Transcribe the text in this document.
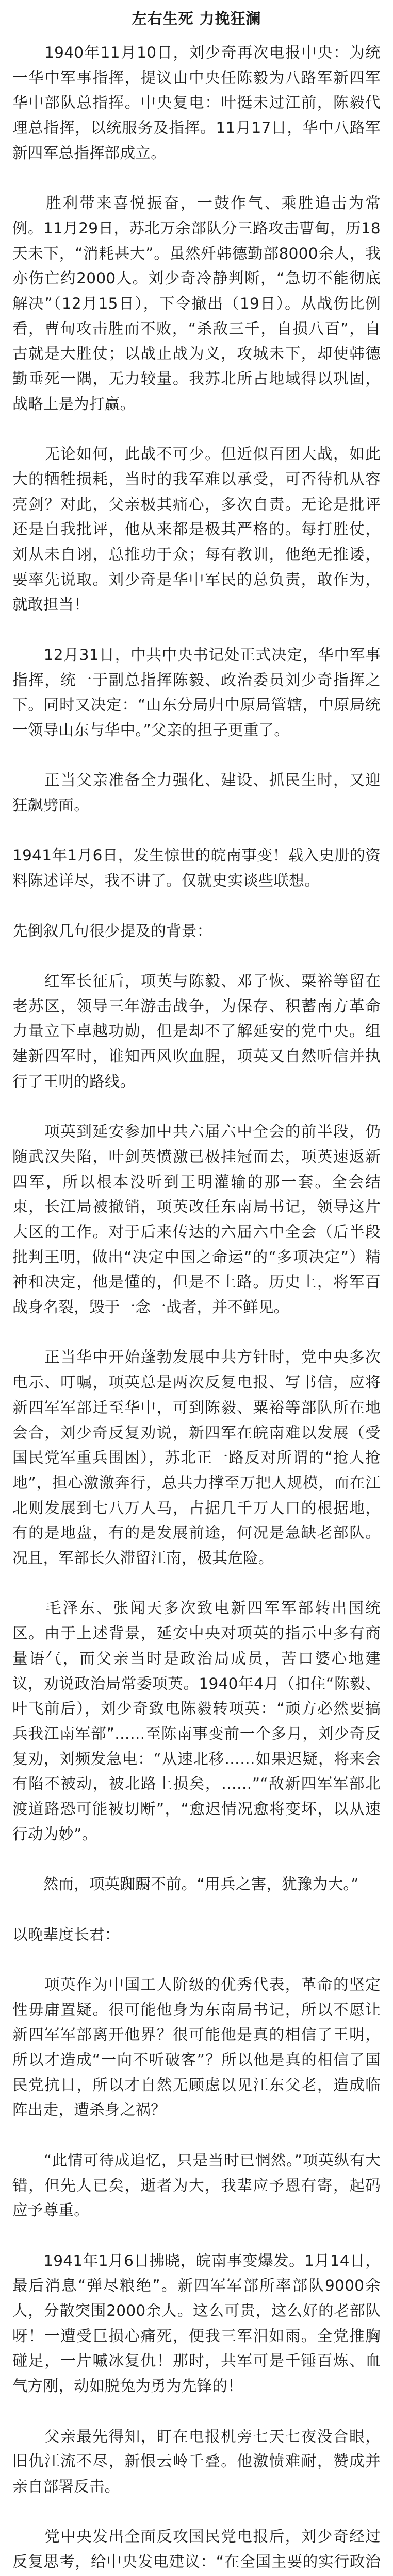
左右生死 力挽狂澜

　　1940年11月10日，刘少奇再次电报中央：为统一华中军事指挥，提议由中央任陈毅为八路军新四军华中部队总指挥。中央复电：叶挺未过江前，陈毅代理总指挥，以统服务及指挥。11月17日，华中八路军新四军总指挥部成立。

　　胜利带来喜悦振奋，一鼓作气、乘胜追击为常例。11月29日，苏北万余部队分三路攻击曹甸，历18天未下，“消耗甚大”。虽然歼韩德勤部8000余人，我亦伤亡约2000人。刘少奇冷静判断，“急切不能彻底解决”（12月15日），下令撤出（19日）。从战伤比例看，曹甸攻击胜而不败，“杀敌三千，自损八百”，自古就是大胜仗；以战止战为义，攻城未下，却使韩德勤垂死一隅，无力较量。我苏北所占地域得以巩固，战略上是为打赢。

　　无论如何，此战不可少。但近似百团大战，如此大的牺牲损耗，当时的我军难以承受，可否待机从容亮剑？对此，父亲极其痛心，多次自责。无论是批评还是自我批评，他从来都是极其严格的。每打胜仗，刘从未自诩，总推功于众；每有教训，他绝无推诿，要率先说取。刘少奇是华中军民的总负责，敢作为，就敢担当！

　　12月31日，中共中央书记处正式决定，华中军事指挥，统一于副总指挥陈毅、政治委员刘少奇指挥之下。同时又决定：“山东分局归中原局管辖，中原局统一领导山东与华中。”父亲的担子更重了。

　　正当父亲准备全力强化、建设、抓民生时，又迎狂飙劈面。

1941年1月6日，发生惊世的皖南事变！载入史册的资料陈述详尽，我不讲了。仅就史实谈些联想。

先倒叙几句很少提及的背景：

　　红军长征后，项英与陈毅、邓子恢、粟裕等留在老苏区，领导三年游击战争，为保存、积蓄南方革命力量立下卓越功勋，但是却不了解延安的党中央。组建新四军时，谁知西风吹血腥，项英又自然听信并执行了王明的路线。

　　项英到延安参加中共六届六中全会的前半段，仍随武汉失陷，叶剑英愤激已极挂冠而去，项英速返新四军，所以根本没听到王明灌输的那一套。全会结束，长江局被撤销，项英改任东南局书记，领导这片大区的工作。对于后来传达的六届六中全会（后半段批判王明，做出“决定中国之命运”的“多项决定”）精神和决定，他是懂的，但是不上路。历史上，将军百战身名裂，毁于一念一战者，并不鲜见。

　　正当华中开始蓬勃发展中共方针时，党中央多次电示、叮嘱，项英总是两次反复电报、写书信，应将新四军军部迁至华中，可到陈毅、粟裕等部队所在地会合，刘少奇反复劝说，新四军在皖南难以发展（受国民党军重兵围困），苏北正一路反对所谓的“抢人抢地”，担心激激奔行，总共力撑至万把人规模，而在江北则发展到七八万人马，占据几千万人口的根据地，有的是地盘，有的是发展前途，何况是急缺老部队。况且，军部长久滞留江南，极其危险。

　　毛泽东、张闻天多次致电新四军军部转出国统区。由于上述背景，延安中央对项英的指示中多有商量语气，而父亲当时是政治局成员，苦口婆心地建议，劝说政治局常委项英。1940年4月（扣住“陈毅、叶飞前后），刘少奇致电陈毅转项英：“顽方必然要搞兵我江南军部”……至陈南事变前一个多月，刘少奇反复劝，刘频发急电：“从速北移……如果迟疑，将来会有陷不被动，被北路上损矣，……”“敌新四军军部北渡道路恐可能被切断”，“愈迟情况愈将变坏，以从速行动为妙”。

　　然而，项英踟蹰不前。“用兵之害，犹豫为大。”

以晚辈度长君：

　　项英作为中国工人阶级的优秀代表，革命的坚定性毋庸置疑。很可能他身为东南局书记，所以不愿让新四军军部离开他界？很可能他是真的相信了王明，所以才造成“一向不听破客”？所以他是真的相信了国民党抗日，所以才自然无顾虑以见江东父老，造成临阵出走，遭杀身之祸？

　　“此情可待成追忆，只是当时已惘然。”项英纵有大错，但先人已矣，逝者为大，我辈应予恩有寄，起码应予尊重。

　　1941年1月6日拂晓，皖南事变爆发。1月14日，最后消息“弹尽粮绝”。新四军军部所率部队9000余人，分散突围2000余人。这么可贵，这么好的老部队呀！一遭受巨损心痛死，便我三军泪如雨。全党推胸碰足，一片嘁冰复仇！那时，共军可是千锤百炼、血气方刚，动如脱兔为勇为先锋的！

　　父亲最先得知，盯在电报机旁七天七夜没合眼，旧仇江流不尽，新恨云岭千叠。他激愤难耐，赞成并亲自部署反击。

　　党中央发出全面反攻国民党电报后，刘少奇经过反复思考，给中央发电建议：“在全国主要的实行政治
